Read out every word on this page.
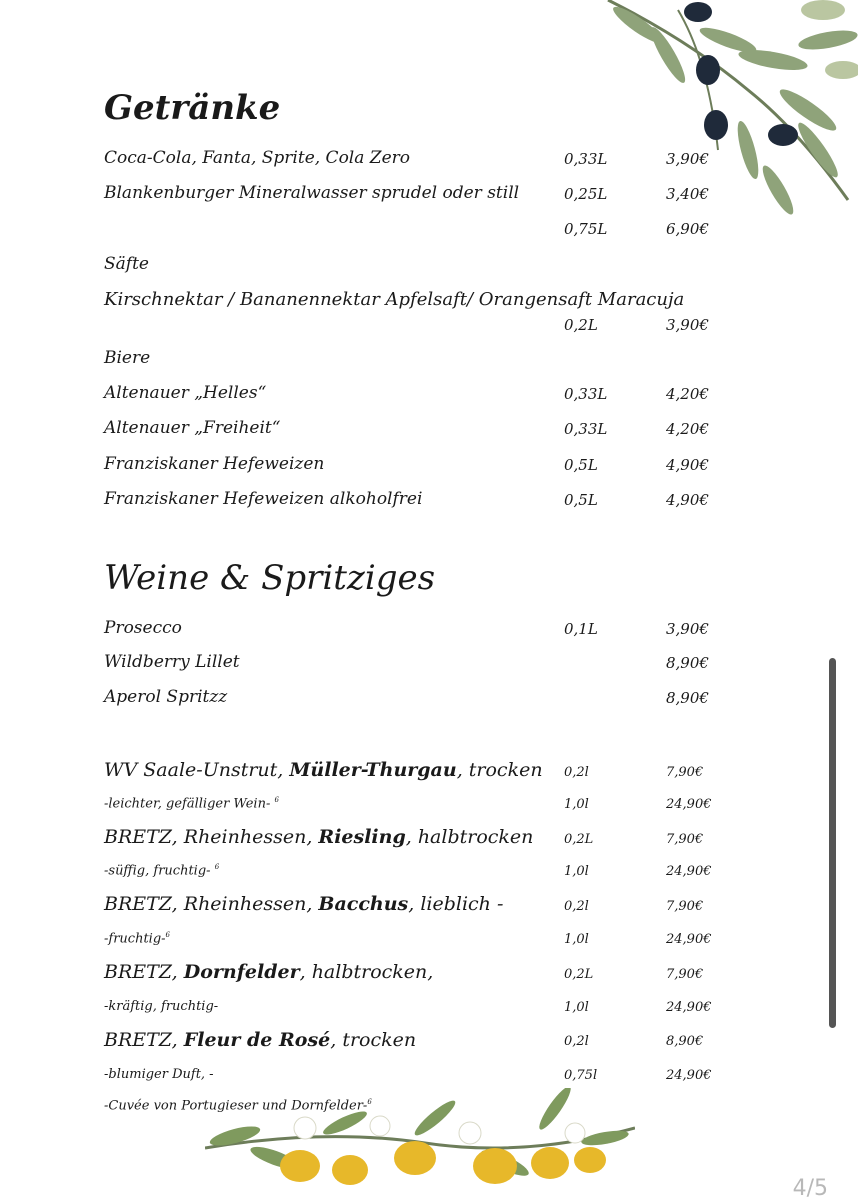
Getränke
Coca-Cola, Fanta, Sprite, Cola Zero	0,33L	3,90€
Blankenburger Mineralwasser sprudel oder still	0,25L	3,40€
0,75L	6,90€
Säfte
Kirschnektar / Bananennektar Apfelsaft/ Orangensaft Maracuja
0,2L	3,90€
Biere
Altenauer „Helles“	0,33L	4,20€
Altenauer „Freiheit“	0,33L	4,20€
Franziskaner Hefeweizen	0,5L	4,90€
Franziskaner Hefeweizen alkoholfrei	0,5L	4,90€
Weine & Spritziges
Prosecco	0,1L	3,90€
Wildberry Lillet	8,90€
Aperol Spritzz	8,90€
WV Saale-Unstrut, Müller-Thurgau, trocken 0,2l	7,90€
-leichter, gefälliger Wein- $^6$	1,0l	24,90€
BRETZ, Rheinhessen, Riesling, halbtrocken 0,2L	7,90€
-süffig, fruchtig- $^6$	1,0l	24,90€
BRETZ, Rheinhessen, Bacchus, lieblich -	0,2l	7,90€
-fruchtig-$^6$	1,0l	24,90€
BRETZ, Dornfelder, halbtrocken,	0,2L	7,90€
-kräftig, fruchtig-	1,0l	24,90€
BRETZ, Fleur de Rosé, trocken	0,2l	8,90€
-blumiger Duft, -	0,75l	24,90€
-Cuvée von Portugieser und Dornfelder-$^6$
4/5
